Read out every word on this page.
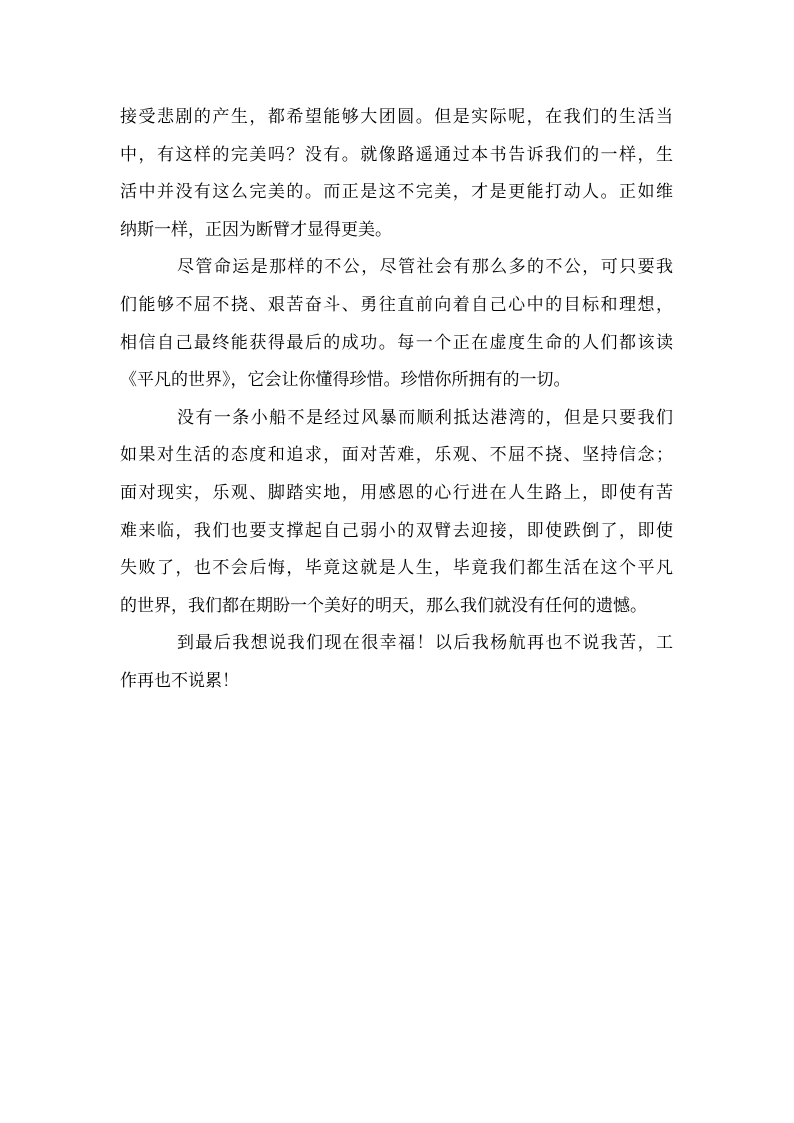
接受悲剧的产生，都希望能够大团圆。但是实际呢，在我们的生活当
中，有这样的完美吗？没有。就像路遥通过本书告诉我们的一样，生
活中并没有这么完美的。而正是这不完美，才是更能打动人。正如维
纳斯一样，正因为断臂才显得更美。
尽管命运是那样的不公，尽管社会有那么多的不公，可只要我
们能够不屈不挠、艰苦奋斗、勇往直前向着自己心中的目标和理想，
相信自己最终能获得最后的成功。每一个正在虚度生命的人们都该读
《平凡的世界》，它会让你懂得珍惜。珍惜你所拥有的一切。
没有一条小船不是经过风暴而顺利抵达港湾的，但是只要我们
如果对生活的态度和追求，面对苦难，乐观、不屈不挠、坚持信念；
面对现实，乐观、脚踏实地，用感恩的心行进在人生路上，即使有苦
难来临，我们也要支撑起自己弱小的双臂去迎接，即使跌倒了，即使
失败了，也不会后悔，毕竟这就是人生，毕竟我们都生活在这个平凡
的世界，我们都在期盼一个美好的明天，那么我们就没有任何的遗憾。
到最后我想说我们现在很幸福！以后我杨航再也不说我苦，工
作再也不说累！
